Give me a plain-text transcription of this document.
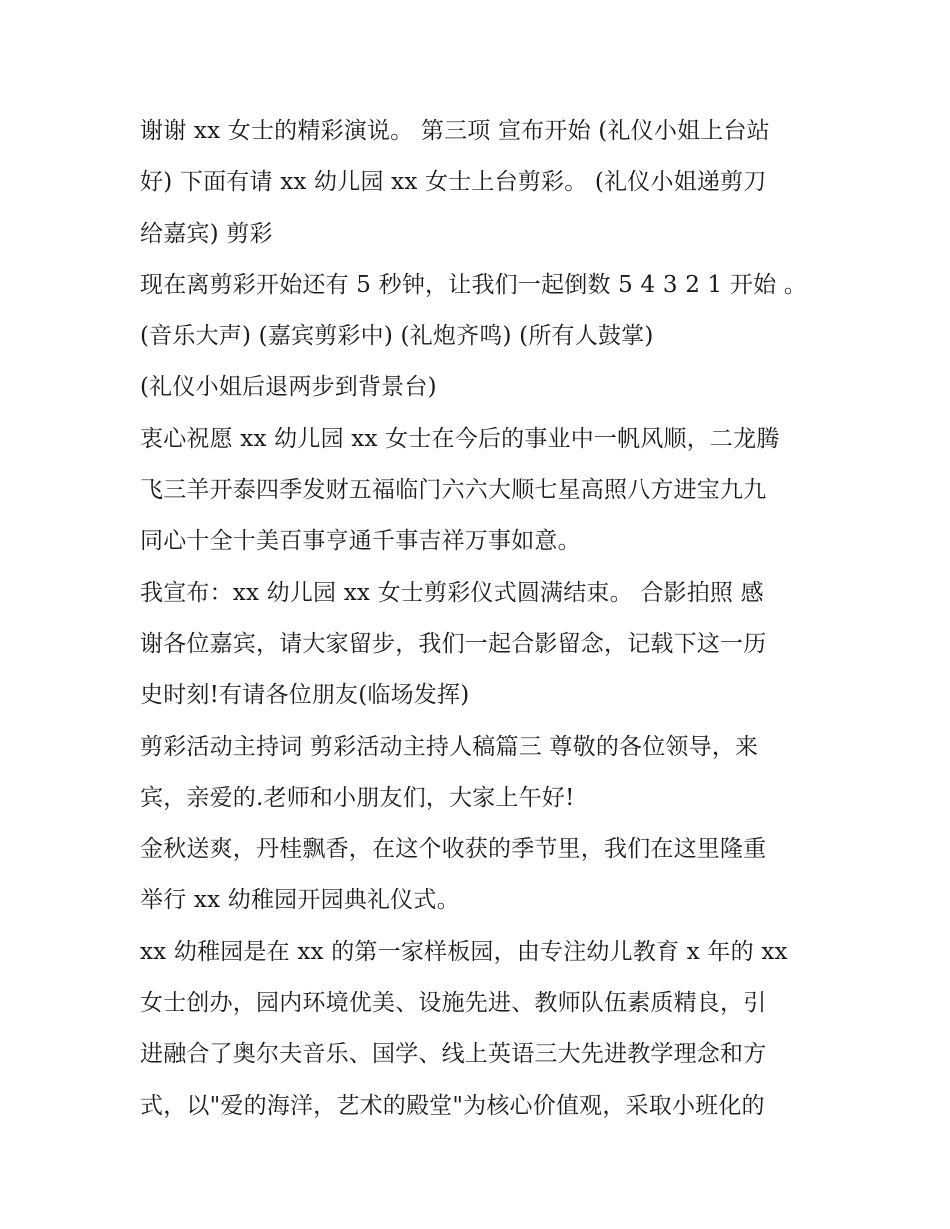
谢谢 xx 女士的精彩演说。 第三项 宣布开始 (礼仪小姐上台站
好) 下面有请 xx 幼儿园 xx 女士上台剪彩。 (礼仪小姐递剪刀
给嘉宾) 剪彩
现在离剪彩开始还有 5 秒钟，让我们一起倒数 5 4 3 2 1 开始 。
(音乐大声) (嘉宾剪彩中) (礼炮齐鸣) (所有人鼓掌)
(礼仪小姐后退两步到背景台)
衷心祝愿 xx 幼儿园 xx 女士在今后的事业中一帆风顺，二龙腾
飞三羊开泰四季发财五福临门六六大顺七星高照八方进宝九九
同心十全十美百事亨通千事吉祥万事如意。
我宣布：xx 幼儿园 xx 女士剪彩仪式圆满结束。 合影拍照 感
谢各位嘉宾，请大家留步，我们一起合影留念，记载下这一历
史时刻!有请各位朋友(临场发挥)
剪彩活动主持词 剪彩活动主持人稿篇三 尊敬的各位领导，来
宾，亲爱的.老师和小朋友们，大家上午好!
金秋送爽，丹桂飘香，在这个收获的季节里，我们在这里隆重
举行 xx 幼稚园开园典礼仪式。
xx 幼稚园是在 xx 的第一家样板园，由专注幼儿教育 x 年的 xx
女士创办，园内环境优美、设施先进、教师队伍素质精良，引
进融合了奥尔夫音乐、国学、线上英语三大先进教学理念和方
式，以"爱的海洋，艺术的殿堂"为核心价值观，采取小班化的
